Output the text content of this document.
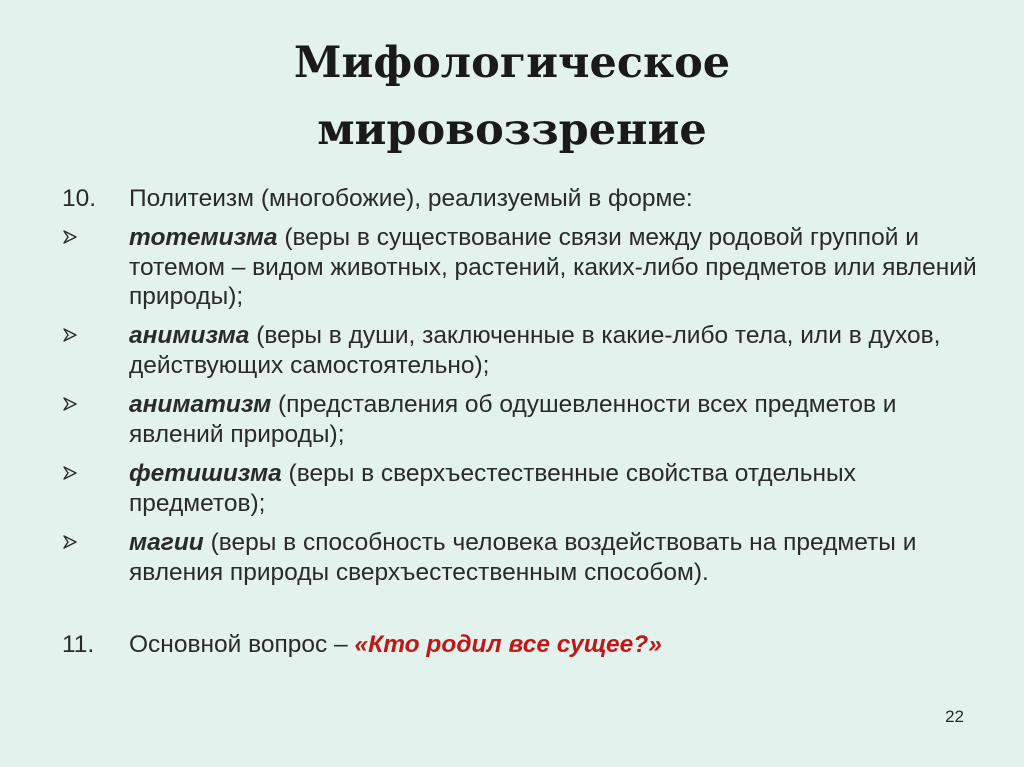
Мифологическое
мировоззрение
10. Политеизм (многобожие), реализуемый в форме:
тотемизма (веры в существование связи между родовой группой и тотемом – видом животных, растений, каких-либо предметов или явлений природы);
анимизма (веры в души, заключенные в какие-либо тела, или в духов, действующих самостоятельно);
аниматизм (представления об одушевленности всех предметов и явлений природы);
фетишизма (веры в сверхъестественные свойства отдельных предметов);
магии (веры в способность человека воздействовать на предметы и явления природы сверхъестественным способом).
11. Основной вопрос – «Кто родил все сущее?»
22
